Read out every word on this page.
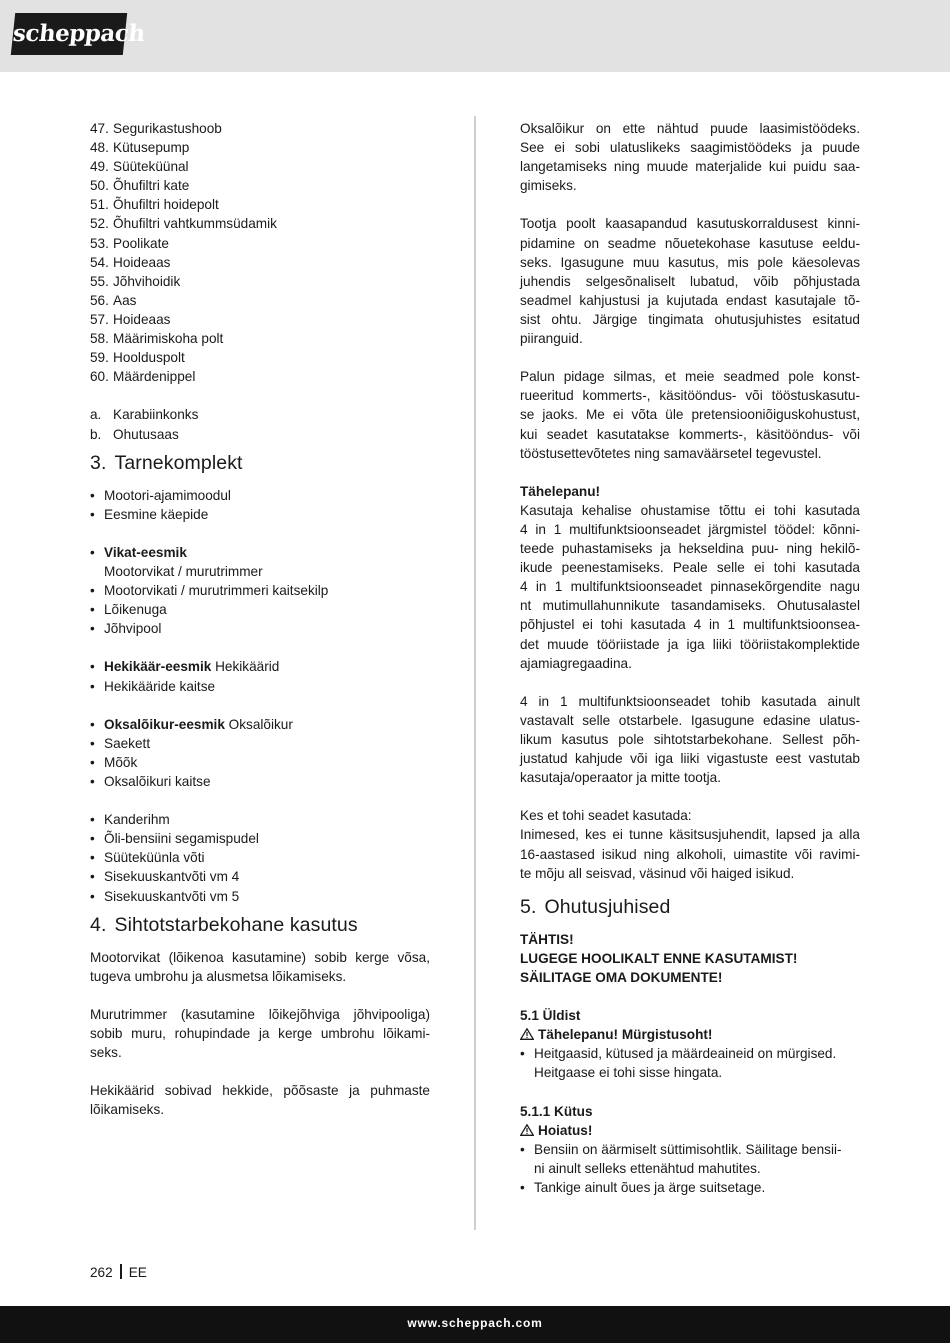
scheppach
47. Segurikastushoob
48. Kütusepump
49. Süüteküünal
50. Õhufiltri kate
51. Õhufiltri hoidepolt
52. Õhufiltri vahtkummsüdamik
53. Poolikate
54. Hoideaas
55. Jõhvihoidik
56. Aas
57. Hoideaas
58. Määrimiskoha polt
59. Hoolduspolt
60. Määrdenippel
a. Karabiinkonks
b. Ohutusaas
3. Tarnekomplekt
• Mootori-ajamimoodul
• Eesmine käepide
• Vikat-eesmik
Mootorvikat / murutrimmer
• Mootorvikati / murutrimmeri kaitsekilp
• Lõikenuga
• Jõhvipool
• Hekikäär-eesmik Hekikäärid
• Hekikääride kaitse
• Oksalõikur-eesmik Oksalõikur
• Saekett
• Mõõk
• Oksalõikuri kaitse
• Kanderihm
• Õli-bensiini segamispudel
• Süüteküünla võti
• Sisekuuskantvõti vm 4
• Sisekuuskantvõti vm 5
4. Sihtotstarbekohane kasutus
Mootorvikat (lõikenoa kasutamine) sobib kerge võsa,
tugeva umbrohu ja alusmetsa lõikamiseks.
Murutrimmer (kasutamine lõikejõhviga jõhvipooliga)
sobib muru, rohupindade ja kerge umbrohu lõikami-
seks.
Hekikäärid sobivad hekkide, põõsaste ja puhmaste
lõikamiseks.
Oksalõikur on ette nähtud puude laasimistöödeks.
See ei sobi ulatuslikeks saagimistöödeks ja puude
langetamiseks ning muude materjalide kui puidu saa-
gimiseks.
Tootja poolt kaasapandud kasutuskorraldusest kinni-
pidamine on seadme nõuetekohase kasutuse eeldu-
seks. Igasugune muu kasutus, mis pole käesolevas
juhendis selgesõnaliselt lubatud, võib põhjustada
seadmel kahjustusi ja kujutada endast kasutajale tõ-
sist ohtu. Järgige tingimata ohutusjuhistes esitatud
piiranguid.
Palun pidage silmas, et meie seadmed pole konst-
rueeritud kommerts-, käsitööndus- või tööstuskasutu-
se jaoks. Me ei võta üle pretensiooniõiguskohustust,
kui seadet kasutatakse kommerts-, käsitööndus- või
tööstusettevõtetes ning samaväärsetel tegevustel.
Tähelepanu!
Kasutaja kehalise ohustamise tõttu ei tohi kasutada
4 in 1 multifunktsioonseadet järgmistel töödel: kõnni-
teede puhastamiseks ja hekseldina puu- ning hekilõ-
ikude peenestamiseks. Peale selle ei tohi kasutada
4 in 1 multifunktsioonseadet pinnasekõrgendite nagu
nt mutimullahunnikute tasandamiseks. Ohutusalastel
põhjustel ei tohi kasutada 4 in 1 multifunktsioonsea-
det muude tööriistade ja iga liiki tööriistakomplektide
ajamiagregaadina.
4 in 1 multifunktsioonseadet tohib kasutada ainult
vastavalt selle otstarbele. Igasugune edasine ulatus-
likum kasutus pole sihtotstarbekohane. Sellest põh-
justatud kahjude või iga liiki vigastuste eest vastutab
kasutaja/operaator ja mitte tootja.
Kes et tohi seadet kasutada:
Inimesed, kes ei tunne käsitsusjuhendit, lapsed ja alla
16-aastased isikud ning alkoholi, uimastite või ravimi-
te mõju all seisvad, väsinud või haiged isikud.
5. Ohutusjuhised
TÄHTIS!
LUGEGE HOOLIKALT ENNE KASUTAMIST!
SÄILITAGE OMA DOKUMENTE!
5.1 Üldist
Tähelepanu! Mürgistusoht!
• Heitgaasid, kütused ja määrdeaineid on mürgised.
Heitgaase ei tohi sisse hingata.
5.1.1 Kütus
Hoiatus!
• Bensiin on äärmiselt süttimisohtlik. Säilitage bensii-
ni ainult selleks ettenähtud mahutites.
• Tankige ainult õues ja ärge suitsetage.
262 EE
www.scheppach.com
